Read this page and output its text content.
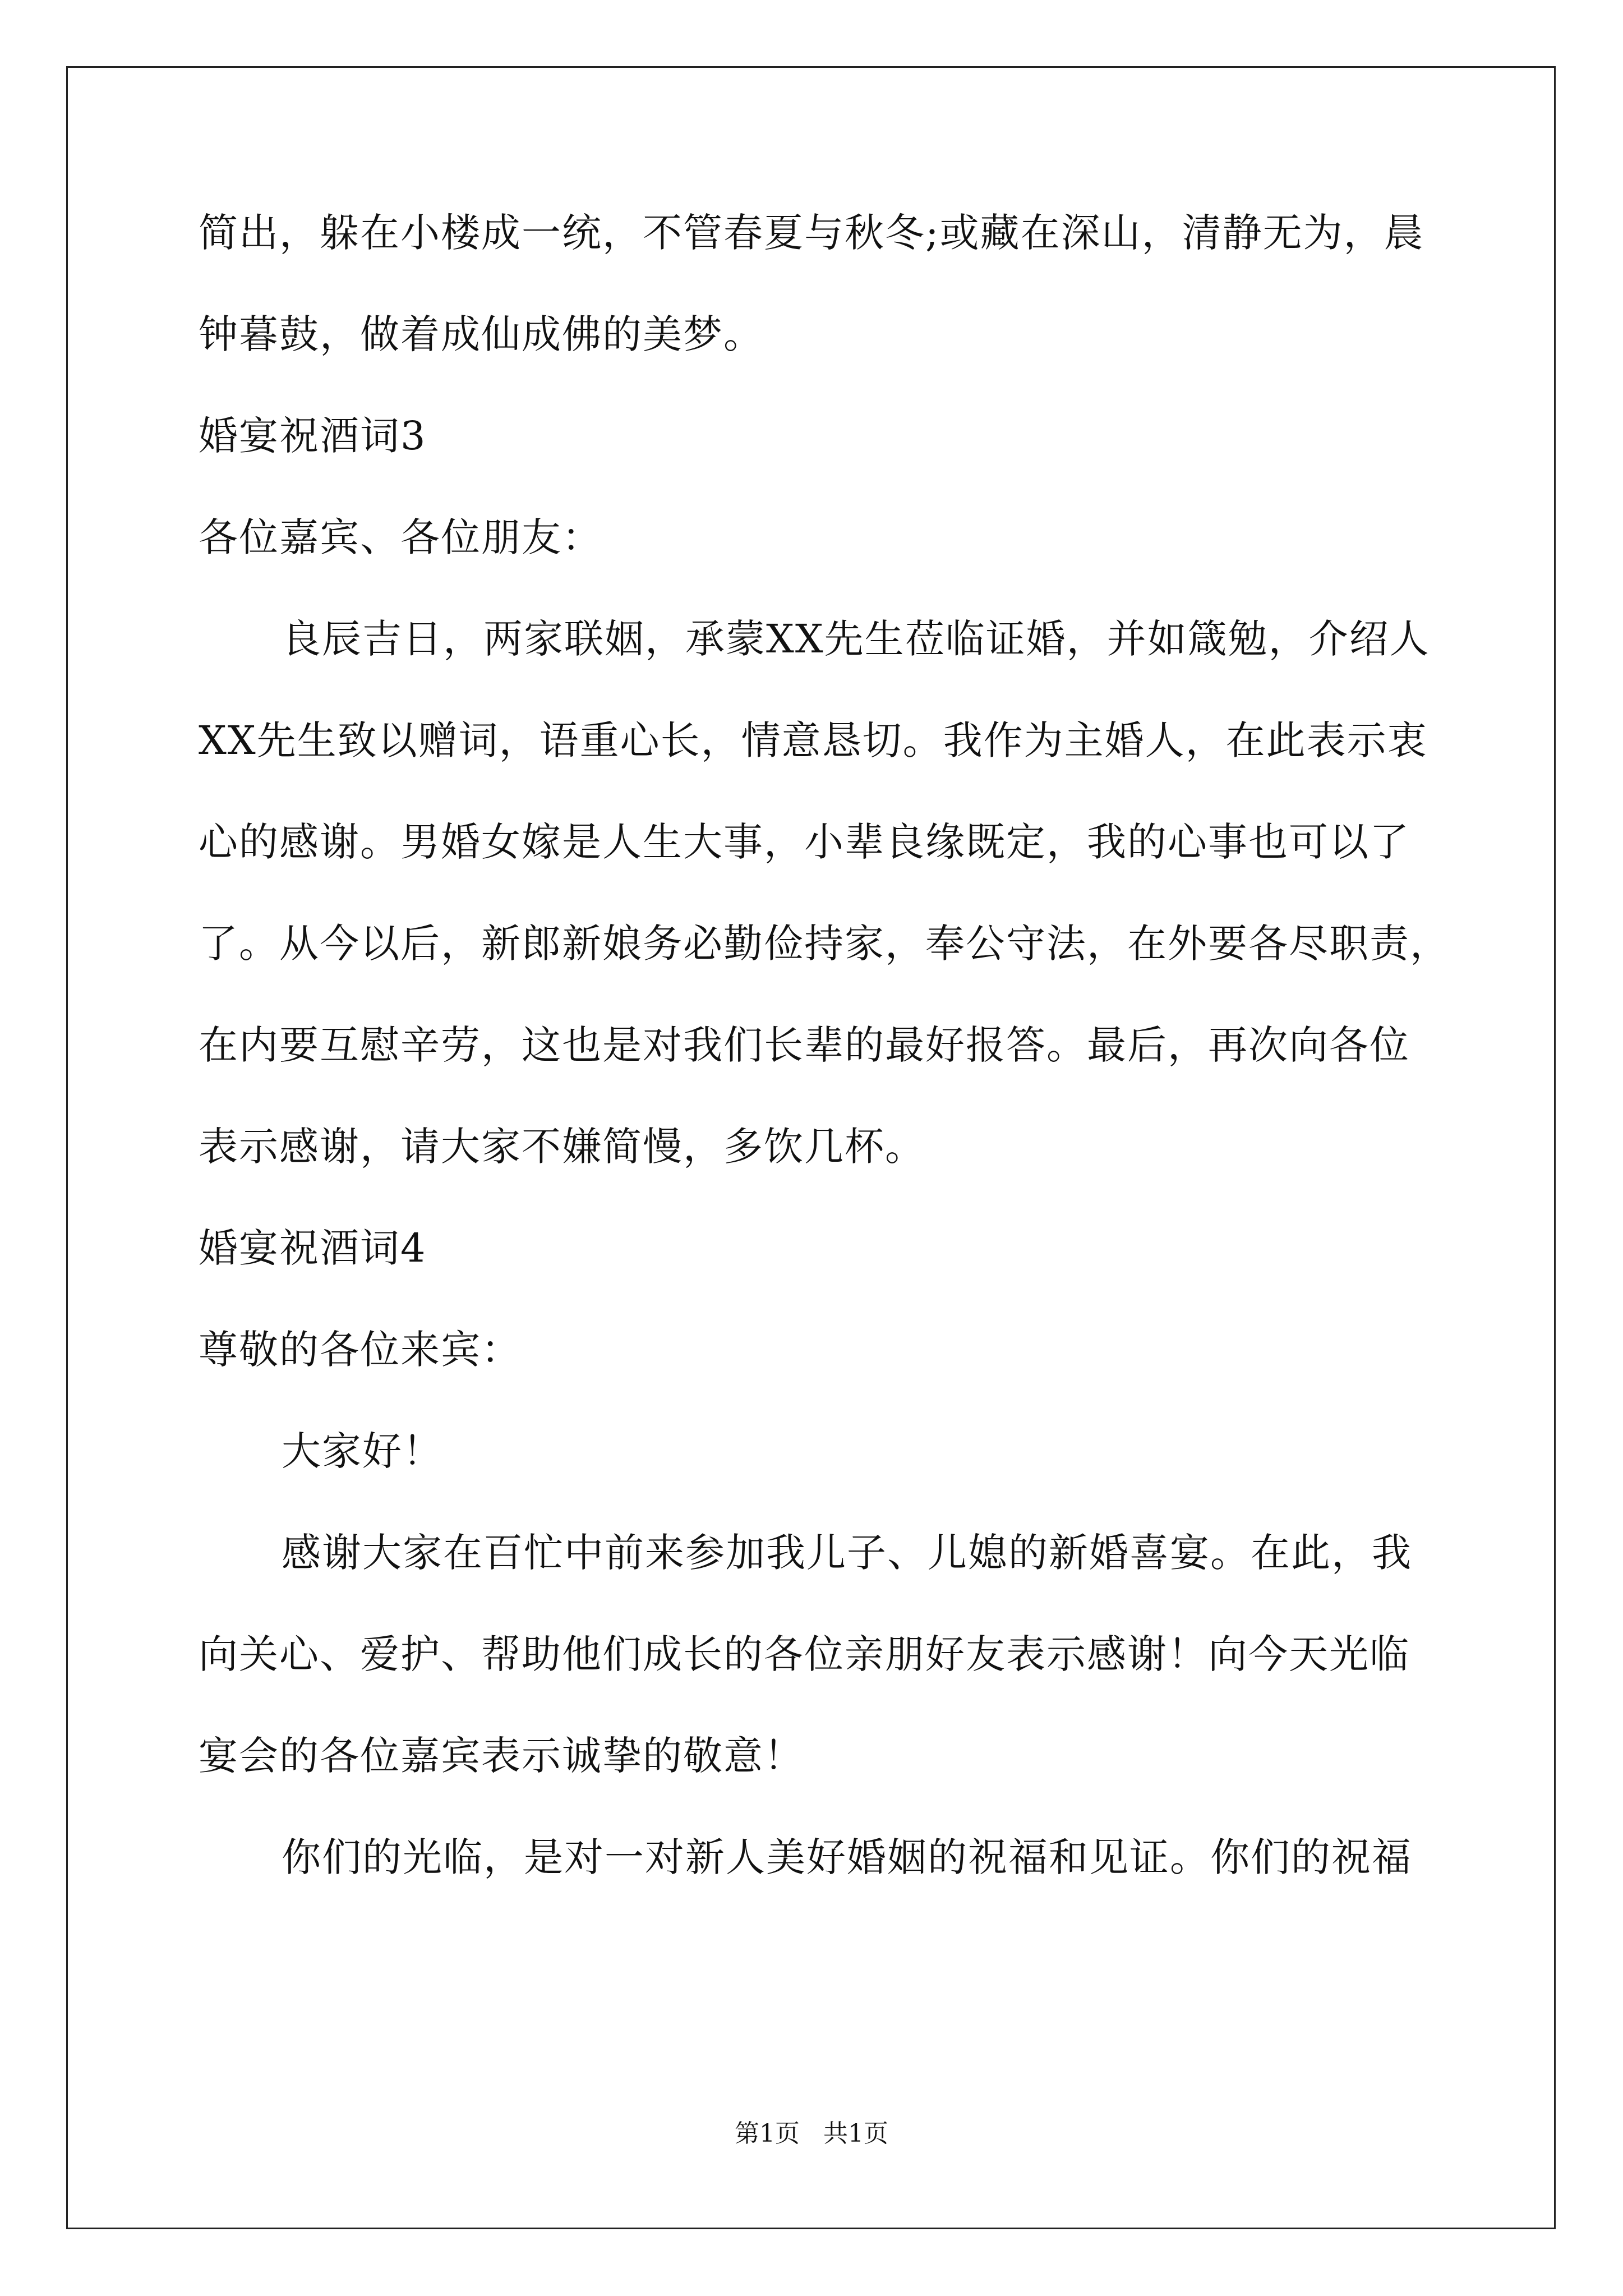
简出，躲在小楼成一统，不管春夏与秋冬;或藏在深山，清静无为，晨
钟暮鼓，做着成仙成佛的美梦。
婚宴祝酒词3
各位嘉宾、各位朋友：
良辰吉日，两家联姻，承蒙XX先生莅临证婚，并如箴勉，介绍人
XX先生致以赠词，语重心长，情意恳切。我作为主婚人，在此表示衷
心的感谢。男婚女嫁是人生大事，小辈良缘既定，我的心事也可以了
了。从今以后，新郎新娘务必勤俭持家，奉公守法，在外要各尽职责，
在内要互慰辛劳，这也是对我们长辈的最好报答。最后，再次向各位
表示感谢，请大家不嫌简慢，多饮几杯。
婚宴祝酒词4
尊敬的各位来宾：
大家好！
感谢大家在百忙中前来参加我儿子、儿媳的新婚喜宴。在此，我
向关心、爱护、帮助他们成长的各位亲朋好友表示感谢！向今天光临
宴会的各位嘉宾表示诚挚的敬意！
你们的光临，是对一对新人美好婚姻的祝福和见证。你们的祝福
第1页 共1页
